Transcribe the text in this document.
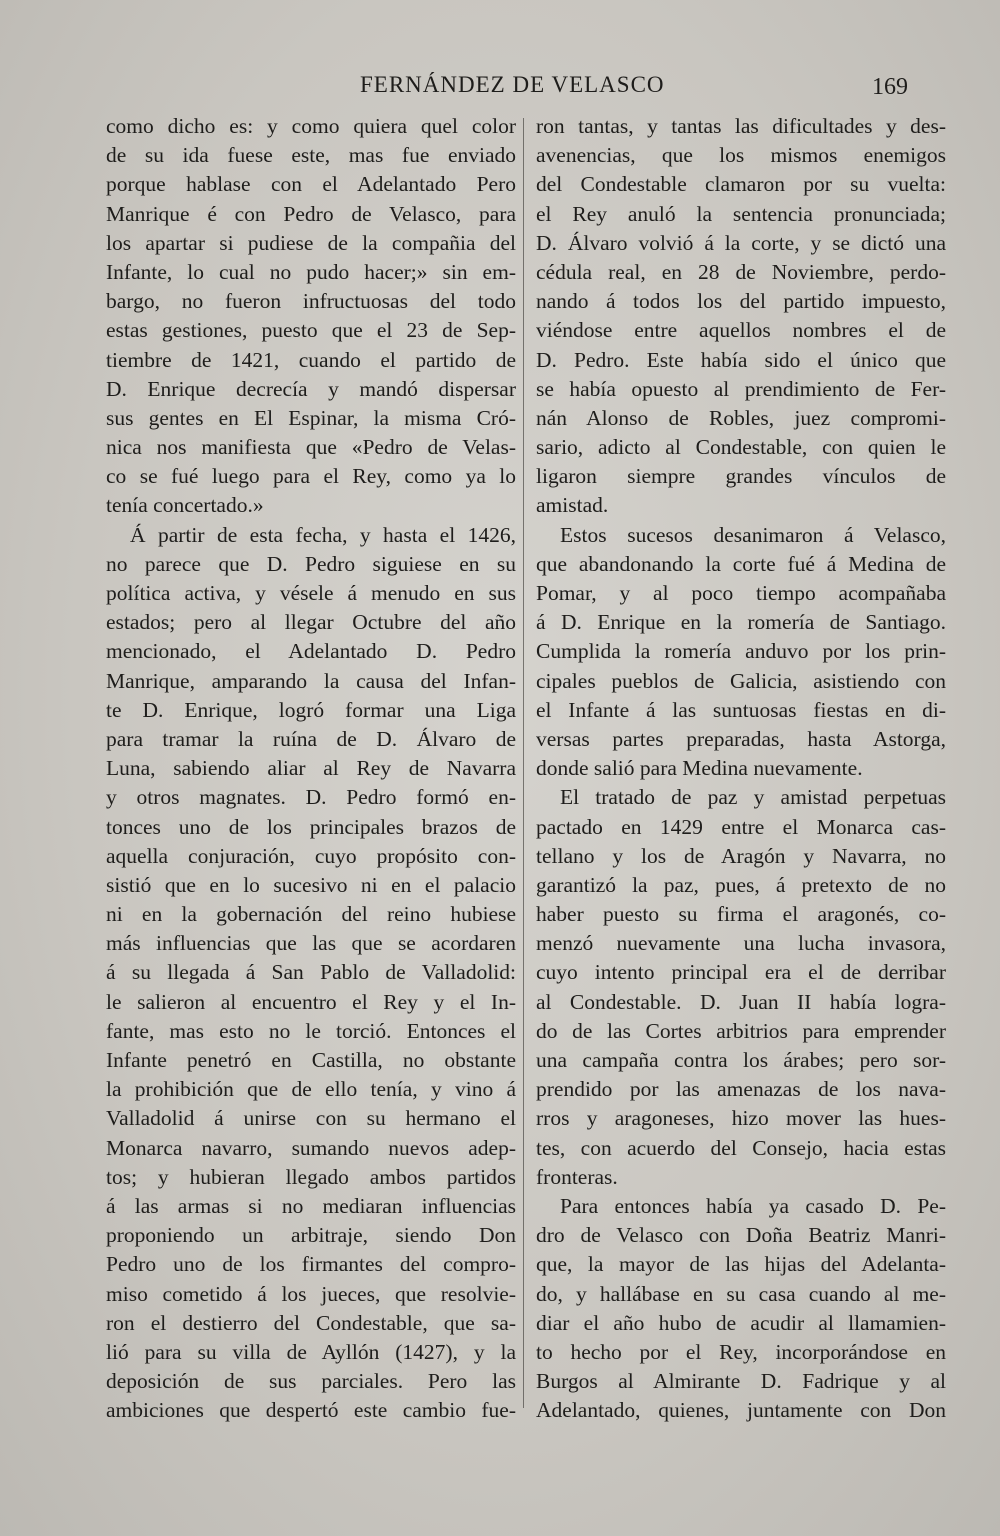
FERNÁNDEZ DE VELASCO	169
como dicho es: y como quiera quel color
de su ida fuese este, mas fue enviado
porque hablase con el Adelantado Pero
Manrique é con Pedro de Velasco, para
los apartar si pudiese de la compañia del
Infante, lo cual no pudo hacer;» sin em-
bargo, no fueron infructuosas del todo
estas gestiones, puesto que el 23 de Sep-
tiembre de 1421, cuando el partido de
D. Enrique decrecía y mandó dispersar
sus gentes en El Espinar, la misma Cró-
nica nos manifiesta que «Pedro de Velas-
co se fué luego para el Rey, como ya lo
tenía concertado.»
Á partir de esta fecha, y hasta el 1426,
no parece que D. Pedro siguiese en su
política activa, y vésele á menudo en sus
estados; pero al llegar Octubre del año
mencionado, el Adelantado D. Pedro
Manrique, amparando la causa del Infan-
te D. Enrique, logró formar una Liga
para tramar la ruína de D. Álvaro de
Luna, sabiendo aliar al Rey de Navarra
y otros magnates. D. Pedro formó en-
tonces uno de los principales brazos de
aquella conjuración, cuyo propósito con-
sistió que en lo sucesivo ni en el palacio
ni en la gobernación del reino hubiese
más influencias que las que se acordaren
á su llegada á San Pablo de Valladolid:
le salieron al encuentro el Rey y el In-
fante, mas esto no le torció. Entonces el
Infante penetró en Castilla, no obstante
la prohibición que de ello tenía, y vino á
Valladolid á unirse con su hermano el
Monarca navarro, sumando nuevos adep-
tos; y hubieran llegado ambos partidos
á las armas si no mediaran influencias
proponiendo un arbitraje, siendo Don
Pedro uno de los firmantes del compro-
miso cometido á los jueces, que resolvie-
ron el destierro del Condestable, que sa-
lió para su villa de Ayllón (1427), y la
deposición de sus parciales. Pero las
ambiciones que despertó este cambio fue-
ron tantas, y tantas las dificultades y des-
avenencias, que los mismos enemigos
del Condestable clamaron por su vuelta:
el Rey anuló la sentencia pronunciada;
D. Álvaro volvió á la corte, y se dictó una
cédula real, en 28 de Noviembre, perdo-
nando á todos los del partido impuesto,
viéndose entre aquellos nombres el de
D. Pedro. Este había sido el único que
se había opuesto al prendimiento de Fer-
nán Alonso de Robles, juez compromi-
sario, adicto al Condestable, con quien le
ligaron siempre grandes vínculos de
amistad.
Estos sucesos desanimaron á Velasco,
que abandonando la corte fué á Medina de
Pomar, y al poco tiempo acompañaba
á D. Enrique en la romería de Santiago.
Cumplida la romería anduvo por los prin-
cipales pueblos de Galicia, asistiendo con
el Infante á las suntuosas fiestas en di-
versas partes preparadas, hasta Astorga,
donde salió para Medina nuevamente.
El tratado de paz y amistad perpetuas
pactado en 1429 entre el Monarca cas-
tellano y los de Aragón y Navarra, no
garantizó la paz, pues, á pretexto de no
haber puesto su firma el aragonés, co-
menzó nuevamente una lucha invasora,
cuyo intento principal era el de derribar
al Condestable. D. Juan II había logra-
do de las Cortes arbitrios para emprender
una campaña contra los árabes; pero sor-
prendido por las amenazas de los nava-
rros y aragoneses, hizo mover las hues-
tes, con acuerdo del Consejo, hacia estas
fronteras.
Para entonces había ya casado D. Pe-
dro de Velasco con Doña Beatriz Manri-
que, la mayor de las hijas del Adelanta-
do, y hallábase en su casa cuando al me-
diar el año hubo de acudir al llamamien-
to hecho por el Rey, incorporándose en
Burgos al Almirante D. Fadrique y al
Adelantado, quienes, juntamente con Don
